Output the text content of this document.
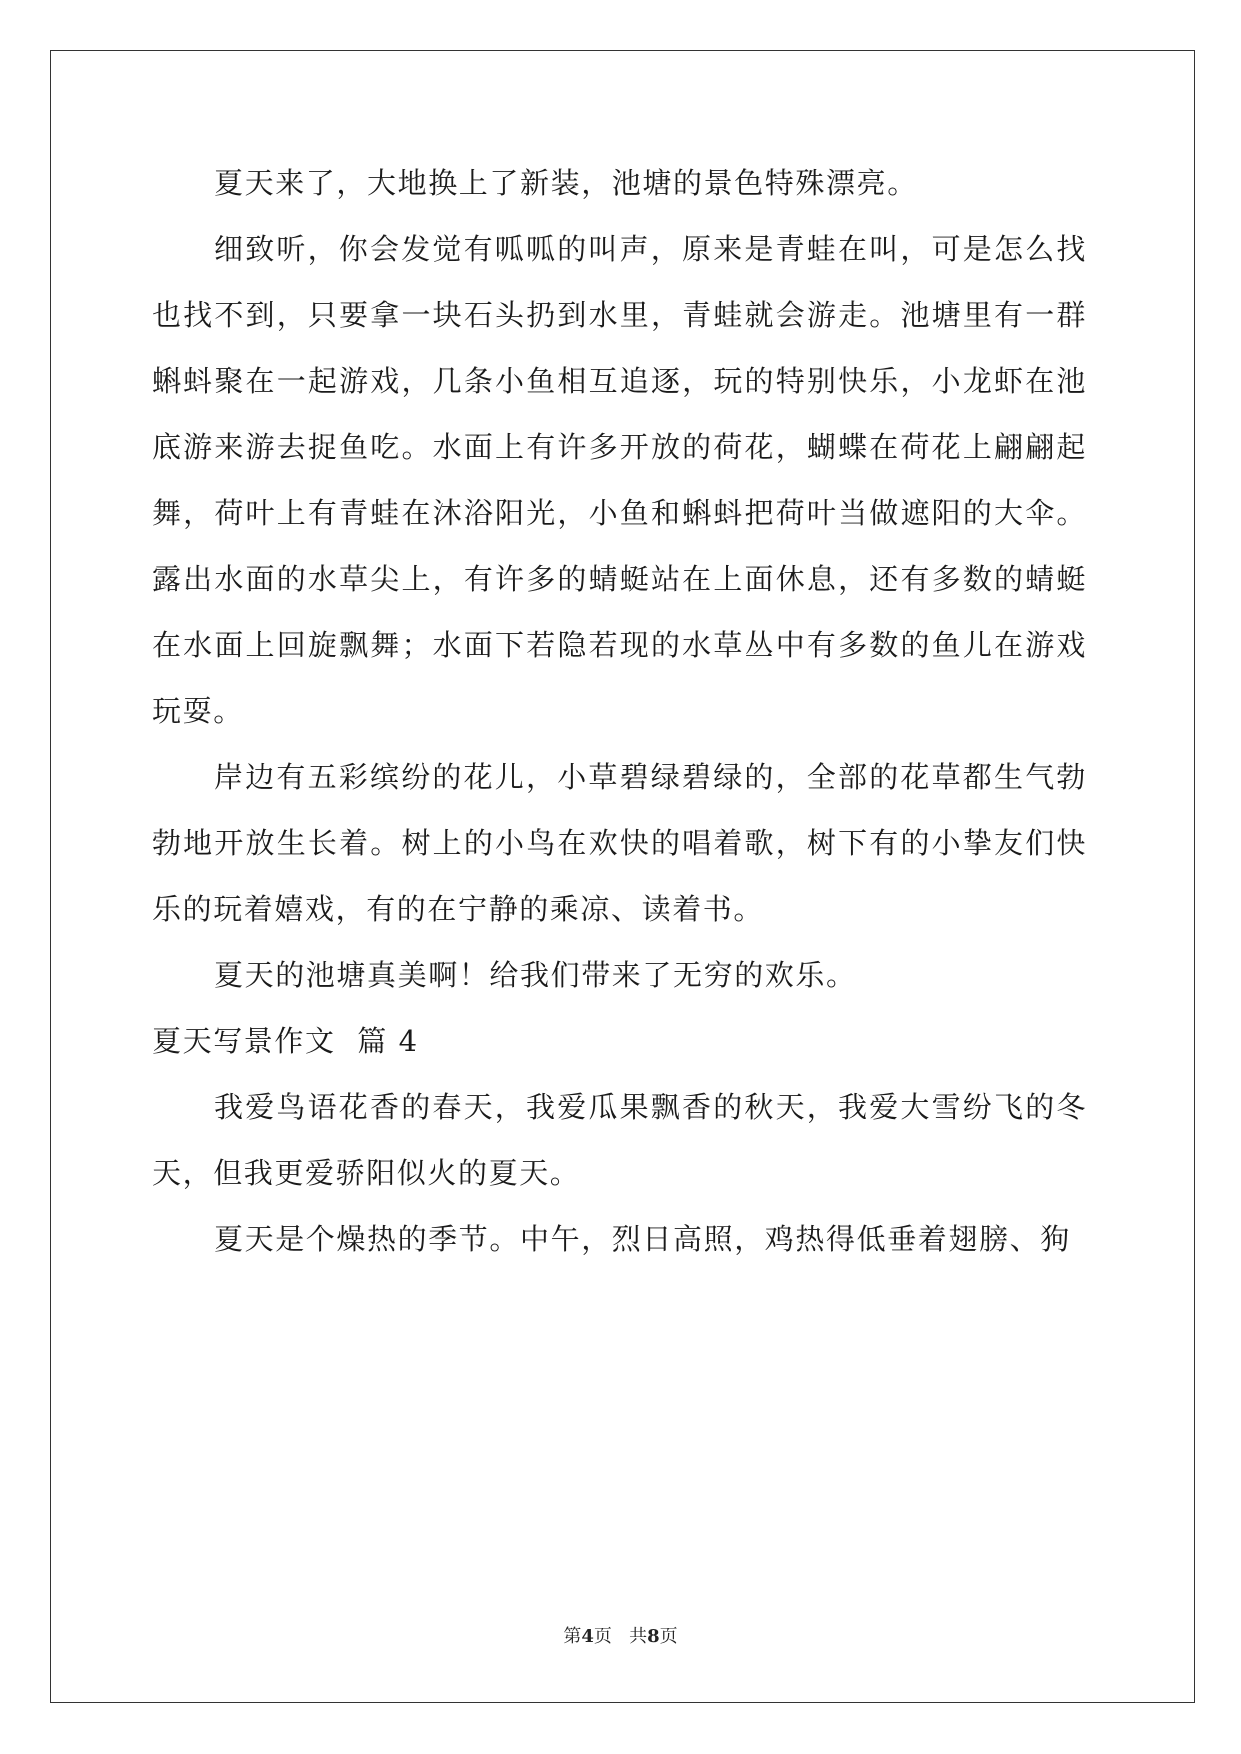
夏天来了，大地换上了新装，池塘的景色特殊漂亮。

细致听，你会发觉有呱呱的叫声，原来是青蛙在叫，可是怎么找也找不到，只要拿一块石头扔到水里，青蛙就会游走。池塘里有一群蝌蚪聚在一起游戏，几条小鱼相互追逐，玩的特别快乐，小龙虾在池底游来游去捉鱼吃。水面上有许多开放的荷花，蝴蝶在荷花上翩翩起舞，荷叶上有青蛙在沐浴阳光，小鱼和蝌蚪把荷叶当做遮阳的大伞。露出水面的水草尖上，有许多的蜻蜓站在上面休息，还有多数的蜻蜓在水面上回旋飘舞；水面下若隐若现的水草丛中有多数的鱼儿在游戏玩耍。

岸边有五彩缤纷的花儿，小草碧绿碧绿的，全部的花草都生气勃勃地开放生长着。树上的小鸟在欢快的唱着歌，树下有的小挚友们快乐的玩着嬉戏，有的在宁静的乘凉、读着书。

夏天的池塘真美啊！给我们带来了无穷的欢乐。

夏天写景作文  篇 4

我爱鸟语花香的春天，我爱瓜果飘香的秋天，我爱大雪纷飞的冬天，但我更爱骄阳似火的夏天。

夏天是个燥热的季节。中午，烈日高照，鸡热得低垂着翅膀、狗

第4页 共8页
